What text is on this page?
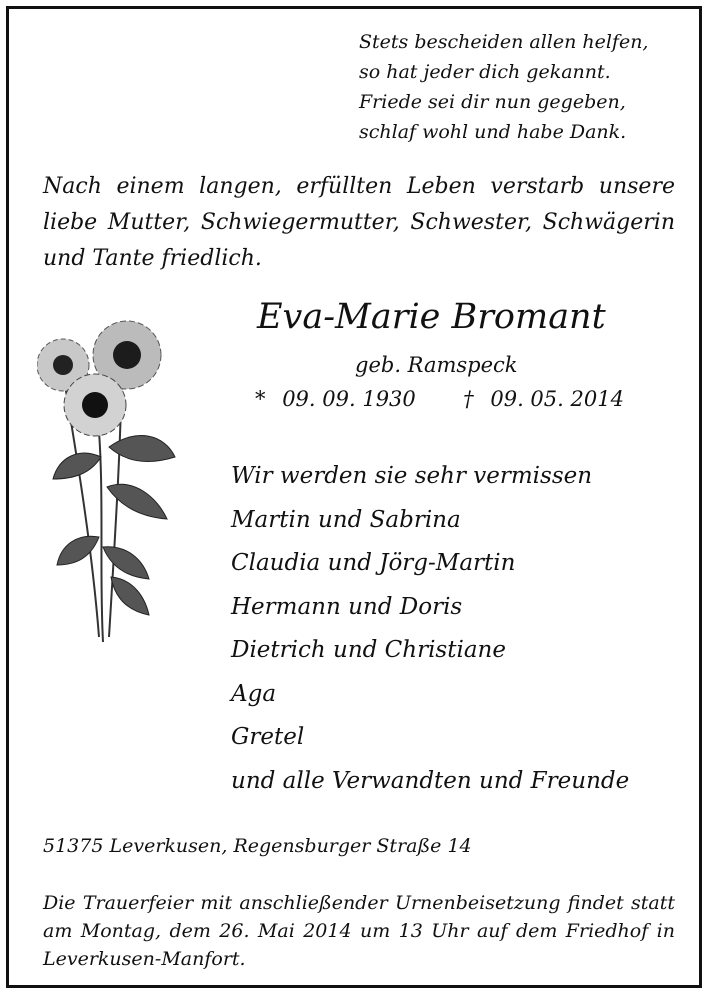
Stets bescheiden allen helfen,
so hat jeder dich gekannt.
Friede sei dir nun gegeben,
schlaf wohl und habe Dank.
Nach einem langen, erfüllten Leben verstarb unsere liebe Mutter, Schwiegermutter, Schwester, Schwägerin und Tante friedlich.
Eva-Marie Bromant
geb. Ramspeck
* 09. 09. 1930 † 09. 05. 2014
Wir werden sie sehr vermissen
Martin und Sabrina
Claudia und Jörg-Martin
Hermann und Doris
Dietrich und Christiane
Aga
Gretel
und alle Verwandten und Freunde
51375 Leverkusen, Regensburger Straße 14
Die Trauerfeier mit anschließender Urnenbeisetzung findet statt am Montag, dem 26. Mai 2014 um 13 Uhr auf dem Friedhof in Leverkusen-Manfort.
